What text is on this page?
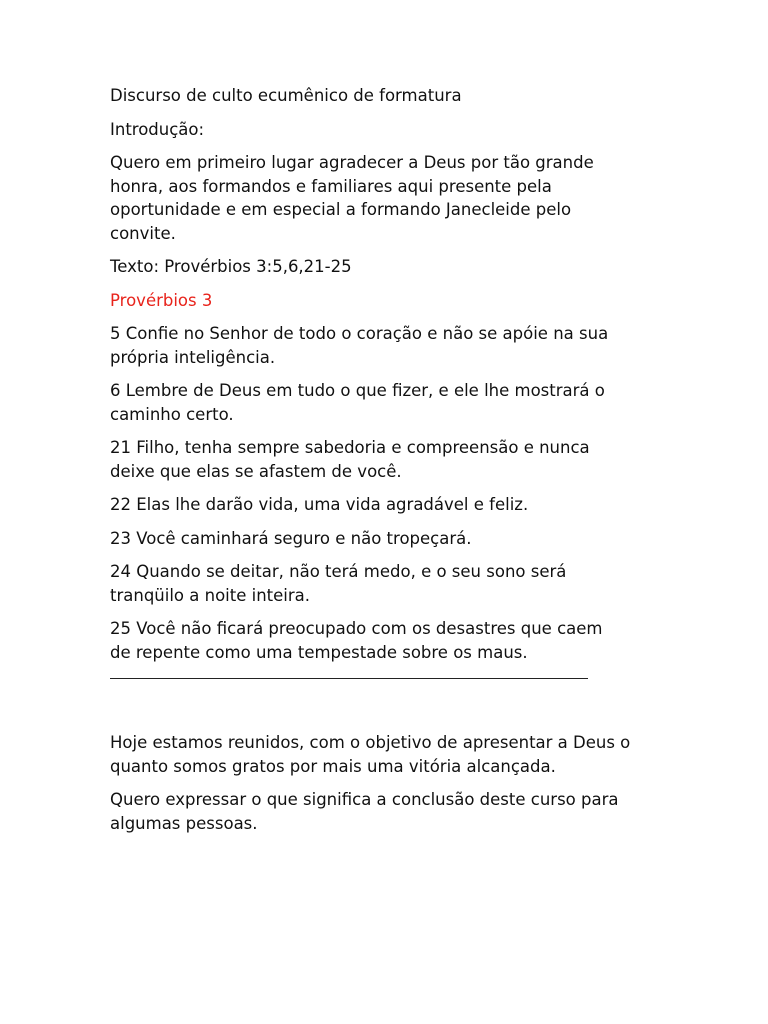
Discurso de culto ecumênico de formatura

Introdução:

Quero em primeiro lugar agradecer a Deus por tão grande
honra, aos formandos e familiares aqui presente pela
oportunidade e em especial a formando Janecleide pelo
convite.

Texto: Provérbios 3:5,6,21-25

Provérbios 3

5 Confie no Senhor de todo o coração e não se apóie na sua
própria inteligência.

6 Lembre de Deus em tudo o que fizer, e ele lhe mostrará o
caminho certo.

21 Filho, tenha sempre sabedoria e compreensão e nunca
deixe que elas se afastem de você.

22 Elas lhe darão vida, uma vida agradável e feliz.

23 Você caminhará seguro e não tropeçará.

24 Quando se deitar, não terá medo, e o seu sono será
tranqüilo a noite inteira.

25 Você não ficará preocupado com os desastres que caem
de repente como uma tempestade sobre os maus.

Hoje estamos reunidos, com o objetivo de apresentar a Deus o
quanto somos gratos por mais uma vitória alcançada.

Quero expressar o que significa a conclusão deste curso para
algumas pessoas.
